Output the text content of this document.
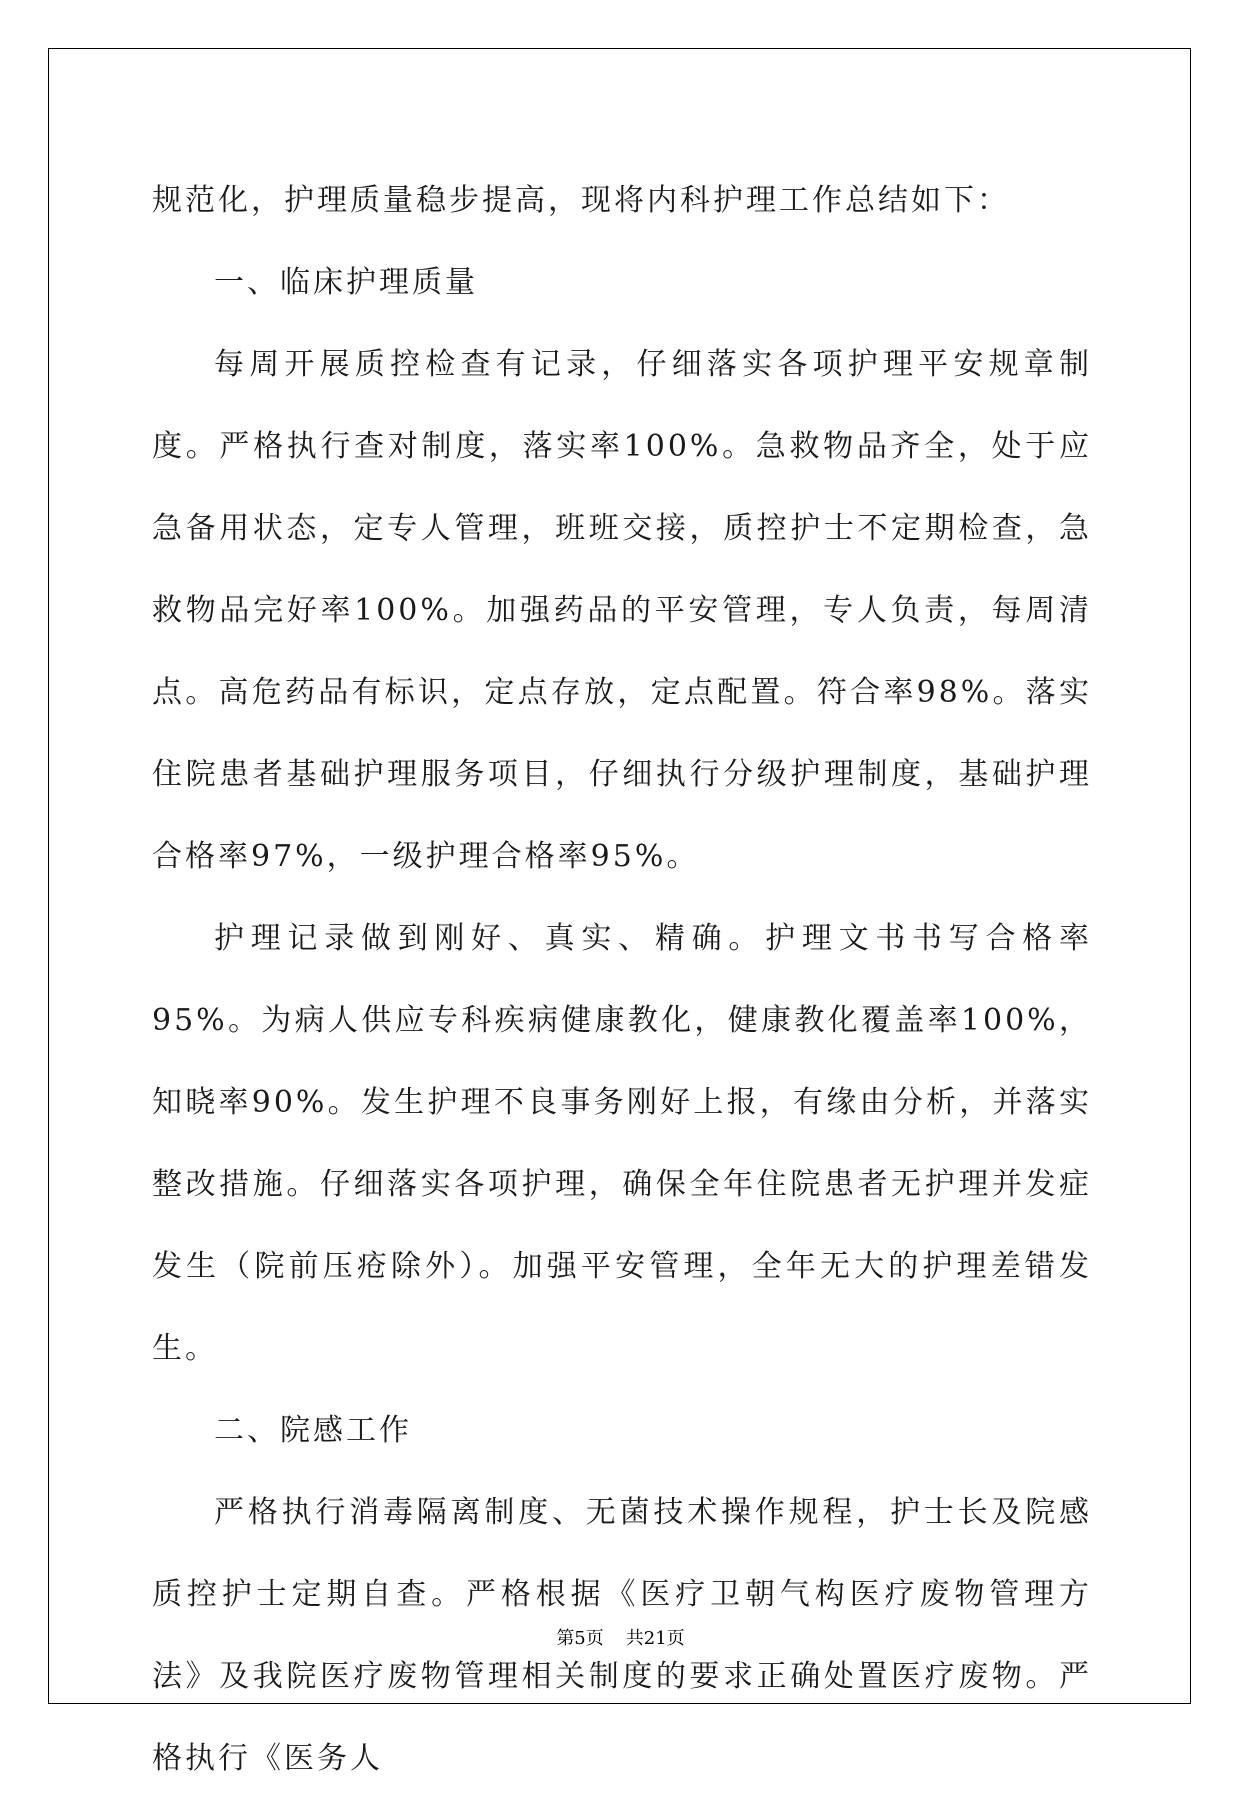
规范化，护理质量稳步提高，现将内科护理工作总结如下：

一、临床护理质量

每周开展质控检查有记录，仔细落实各项护理平安规章制度。严格执行查对制度，落实率100%。急救物品齐全，处于应急备用状态，定专人管理，班班交接，质控护士不定期检查，急救物品完好率100%。加强药品的平安管理，专人负责，每周清点。高危药品有标识，定点存放，定点配置。符合率98%。落实住院患者基础护理服务项目，仔细执行分级护理制度，基础护理合格率97%，一级护理合格率95%。

护理记录做到刚好、真实、精确。护理文书书写合格率95%。为病人供应专科疾病健康教化，健康教化覆盖率100%，知晓率90%。发生护理不良事务刚好上报，有缘由分析，并落实整改措施。仔细落实各项护理，确保全年住院患者无护理并发症发生（院前压疮除外）。加强平安管理，全年无大的护理差错发生。

二、院感工作

严格执行消毒隔离制度、无菌技术操作规程，护士长及院感质控护士定期自查。严格根据《医疗卫朝气构医疗废物管理方法》及我院医疗废物管理相关制度的要求正确处置医疗废物。严格执行《医务人

第5页 共21页
